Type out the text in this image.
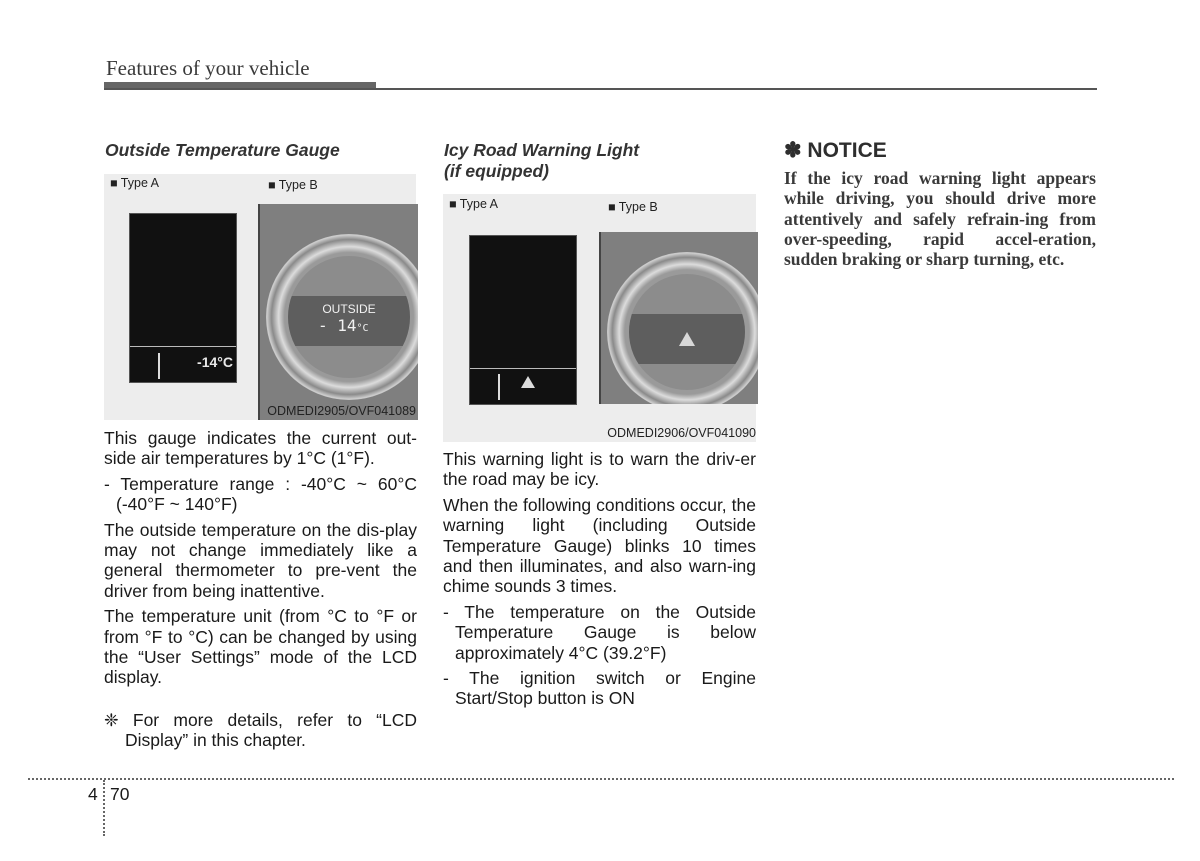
Features of your vehicle
Outside Temperature Gauge
■ Type A	■ Type B
-14°C
OUTSIDE
- 14°C
ODMEDI2905/OVF041089

This gauge indicates the current out-side air temperatures by 1°C (1°F).

- Temperature range : -40°C ~ 60°C (-40°F ~ 140°F)

The outside temperature on the dis-play may not change immediately like a general thermometer to pre-vent the driver from being inattentive.

The temperature unit (from °C to °F or from °F to °C) can be changed by using the “User Settings” mode of the LCD display.

❈ For more details, refer to “LCD Display” in this chapter.

Icy Road Warning Light
(if equipped)
■ Type A	■ Type B
ODMEDI2906/OVF041090

This warning light is to warn the driv-er the road may be icy.

When the following conditions occur, the warning light (including Outside Temperature Gauge) blinks 10 times and then illuminates, and also warn-ing chime sounds 3 times.

- The temperature on the Outside Temperature Gauge is below approximately 4°C (39.2°F)

- The ignition switch or Engine Start/Stop button is ON

✽ NOTICE
If the icy road warning light appears while driving, you should drive more attentively and safely refrain-ing from over-speeding, rapid accel-eration, sudden braking or sharp turning, etc.
4 70
